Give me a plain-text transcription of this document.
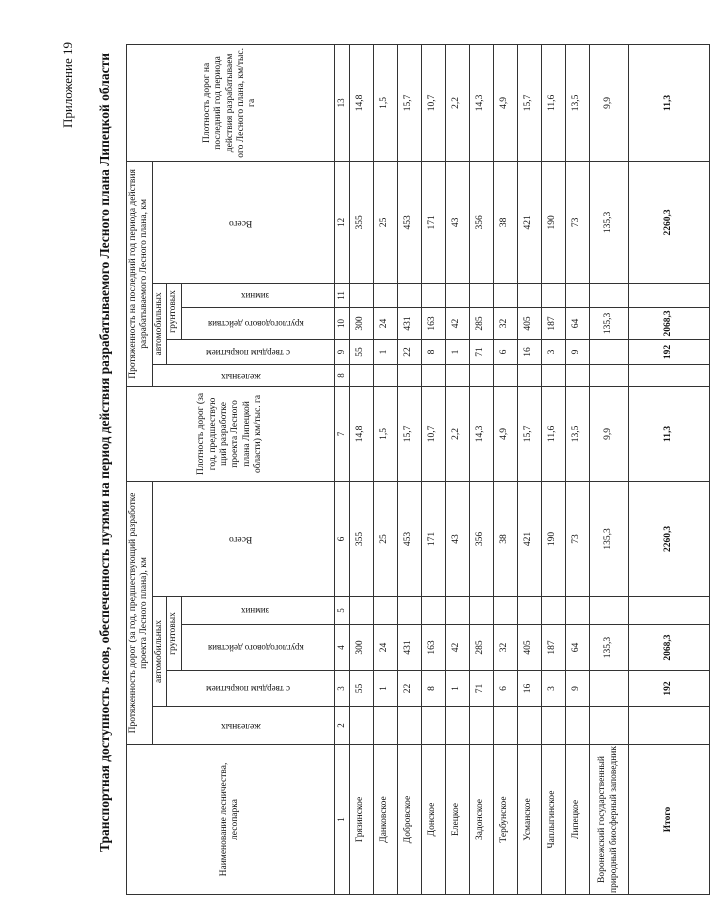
Приложение 19 Транспортная доступность лесов, обеспеченность путями на период действия разрабатываемого Лесного плана Липецкой области	Наименование лесничества, лесопарка	Протяженность дорог (за год, предшествующий разработке проекта Лесного плана), км					Плотность дорог (за год, предшествую щий разработке проекта Лесного плана Липецкой области) км/тыс. га	Протяженность на последний год периода действия разрабатываемого Лесного плана, км					Плотность дорог на последний год периода действия разрабатываем ого Лесного плана, км/тыс. га
	железных	автомобильных			Всего		железных	автомобильных			Всего	
		с твердым покрытием	грунтовых					с твердым покрытием	грунтовых			
			круглогодового действия	зимних					круглогодового действия	зимних		
1	2	3	4	5	6	7	8	9	10	11	12	13
Грязинское		55	300		355	14,8		55	300		355	14,8
Данковское		1	24		25	1,5		1	24		25	1,5
Добровское		22	431		453	15,7		22	431		453	15,7
Донское		8	163		171	10,7		8	163		171	10,7
Елецкое		1	42		43	2,2		1	42		43	2,2
Задонское		71	285		356	14,3		71	285		356	14,3
Тербунское		6	32		38	4,9		6	32		38	4,9
Усманское		16	405		421	15,7		16	405		421	15,7
Чаплыгинское		3	187		190	11,6		3	187		190	11,6
Липецкое		9	64		73	13,5		9	64		73	13,5
Воронежский государственный природный биосферный заповедник			135,3		135,3	9,9			135,3		135,3	9,9
Итого		192	2068,3		2260,3	11,3		192	2068,3		2260,3	11,3
